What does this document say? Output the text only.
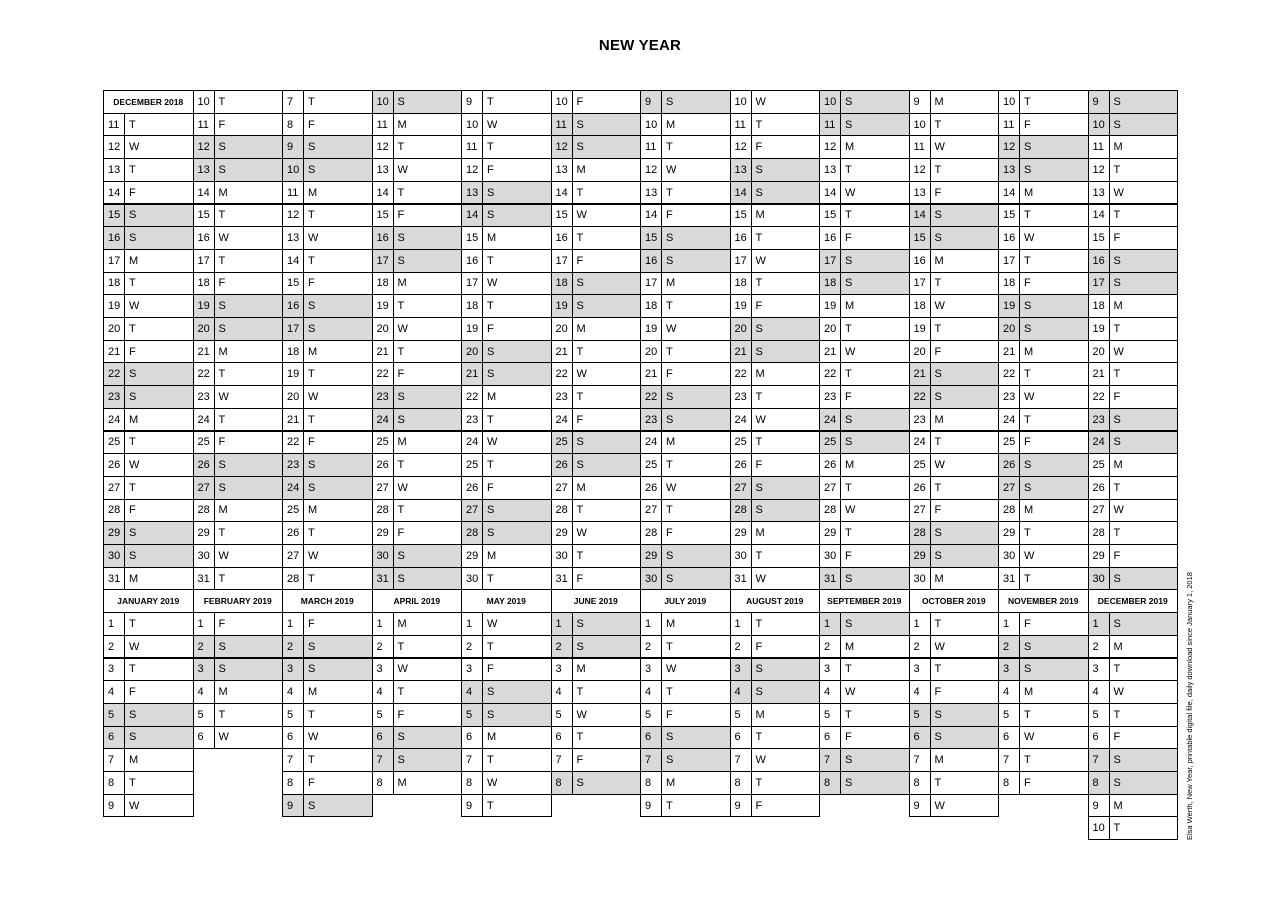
NEW YEAR
DECEMBER 2018
11 T
12 W
13 T
14 F
15 S
16 S
17 M
18 T
19 W
20 T
21 F
22 S
23 S
24 M
25 T
26 W
27 T
28 F
29 S
30 S
31 M
JANUARY 2019
1	T
2	W
3	T
4	F
5	S
6	S
7	M
8	T
9	W
10 T
11 F
12 S
13 S
14 M
15 T
16 W
17 T
18 F
19 S
20 S
21 M
22 T
23 W
24 T
25 F
26 S
27 S
28 M
29 T
30 W
31 T
FEBRUARY 2019
1	F
2	S
3	S
4	M
5	T
6	W
7	T
8	F
9	S
10 S
11 M
12 T
13 W
14 T
15 F
16 S
17 S
18 M
19 T
20 W
21 T
22 F
23 S
24 S
25 M
26 T
27 W
28 T
MARCH 2019
1	F
2	S
3	S
4	M
5	T
6	W
7	T
8	F
9	S
10 S
11 M
12 T
13 W
14 T
15 F
16 S
17 S
18 M
19 T
20 W
21 T
22 F
23 S
24 S
25 M
26 T
27 W
28 T
29 F
30 S
31 S
APRIL 2019
1	M
2	T
3	W
4	T
5	F
6	S
7	S
8	M
9	T
10 W
11 T
12 F
13 S
14 S
15 M
16 T
17 W
18 T
19 F
20 S
21 S
22 M
23 T
24 W
25 T
26 F
27 S
28 S
29 M
30 T
MAY 2019
1	W
2	T
3	F
4	S
5	S
6	M
7	T
8	W
9	T
10 F
11 S
12 S
13 M
14 T
15 W
16 T
17 F
18 S
19 S
20 M
21 T
22 W
23 T
24 F
25 S
26 S
27 M
28 T
29 W
30 T
31 F
JUNE 2019
1	S
2	S
3	M
4	T
5	W
6	T
7	F
8	S
9	S
10 M
11 T
12 W
13 T
14 F
15 S
16 S
17 M
18 T
19 W
20 T
21 F
22 S
23 S
24 M
25 T
26 W
27 T
28 F
29 S
30 S
JULY 2019
1	M
2	T
3	W
4	T
5	F
6	S
7	S
8	M
9	T
10 W
11 T
12 F
13 S
14 S
15 M
16 T
17 W
18 T
19 F
20 S
21 S
22 M
23 T
24 W
25 T
26 F
27 S
28 S
29 M
30 T
31 W
AUGUST 2019
1	T
2	F
3	S
4	S
5	M
6	T
7	W
8	T
9	F
10 S
11 S
12 M
13 T
14 W
15 T
16 F
17 S
18 S
19 M
20 T
21 W
22 T
23 F
24 S
25 S
26 M
27 T
28 W
29 T
30 F
31 S
SEPTEMBER 2019
1	S
2	M
3	T
4	W
5	T
6	F
7	S
8	S
9	M
10 T
11 W
12 T
13 F
14 S
15 S
16 M
17 T
18 W
19 T
20 F
21 S
22 S
23 M
24 T
25 W
26 T
27 F
28 S
29 S
30 M
OCTOBER 2019
1	T
2	W
3	T
4	F
5	S
6	S
7	M
8	T
9	W
10 T
11 F
12 S
13 S
14 M
15 T
16 W
17 T
18 F
19 S
20 S
21 M
22 T
23 W
24 T
25 F
26 S
27 S
28 M
29 T
30 W
31 T
NOVEMBER 2019
1	F
2	S
3	S
4	M
5	T
6	W
7	T
8	F
9	S
10 S
11 M
12 T
13 W
14 T
15 F
16 S
17 S
18 M
19 T
20 W
21 T
22 F
23 S
24 S
25 M
26 T
27 W
28 T
29 F
30 S
DECEMBER 2019
1	S
2	M
3	T
4	W
5	T
6	F
7	S
8	S
9	M
10 T	Elsa Werth, New Year, printable digital file, daily download since January 1, 2018
